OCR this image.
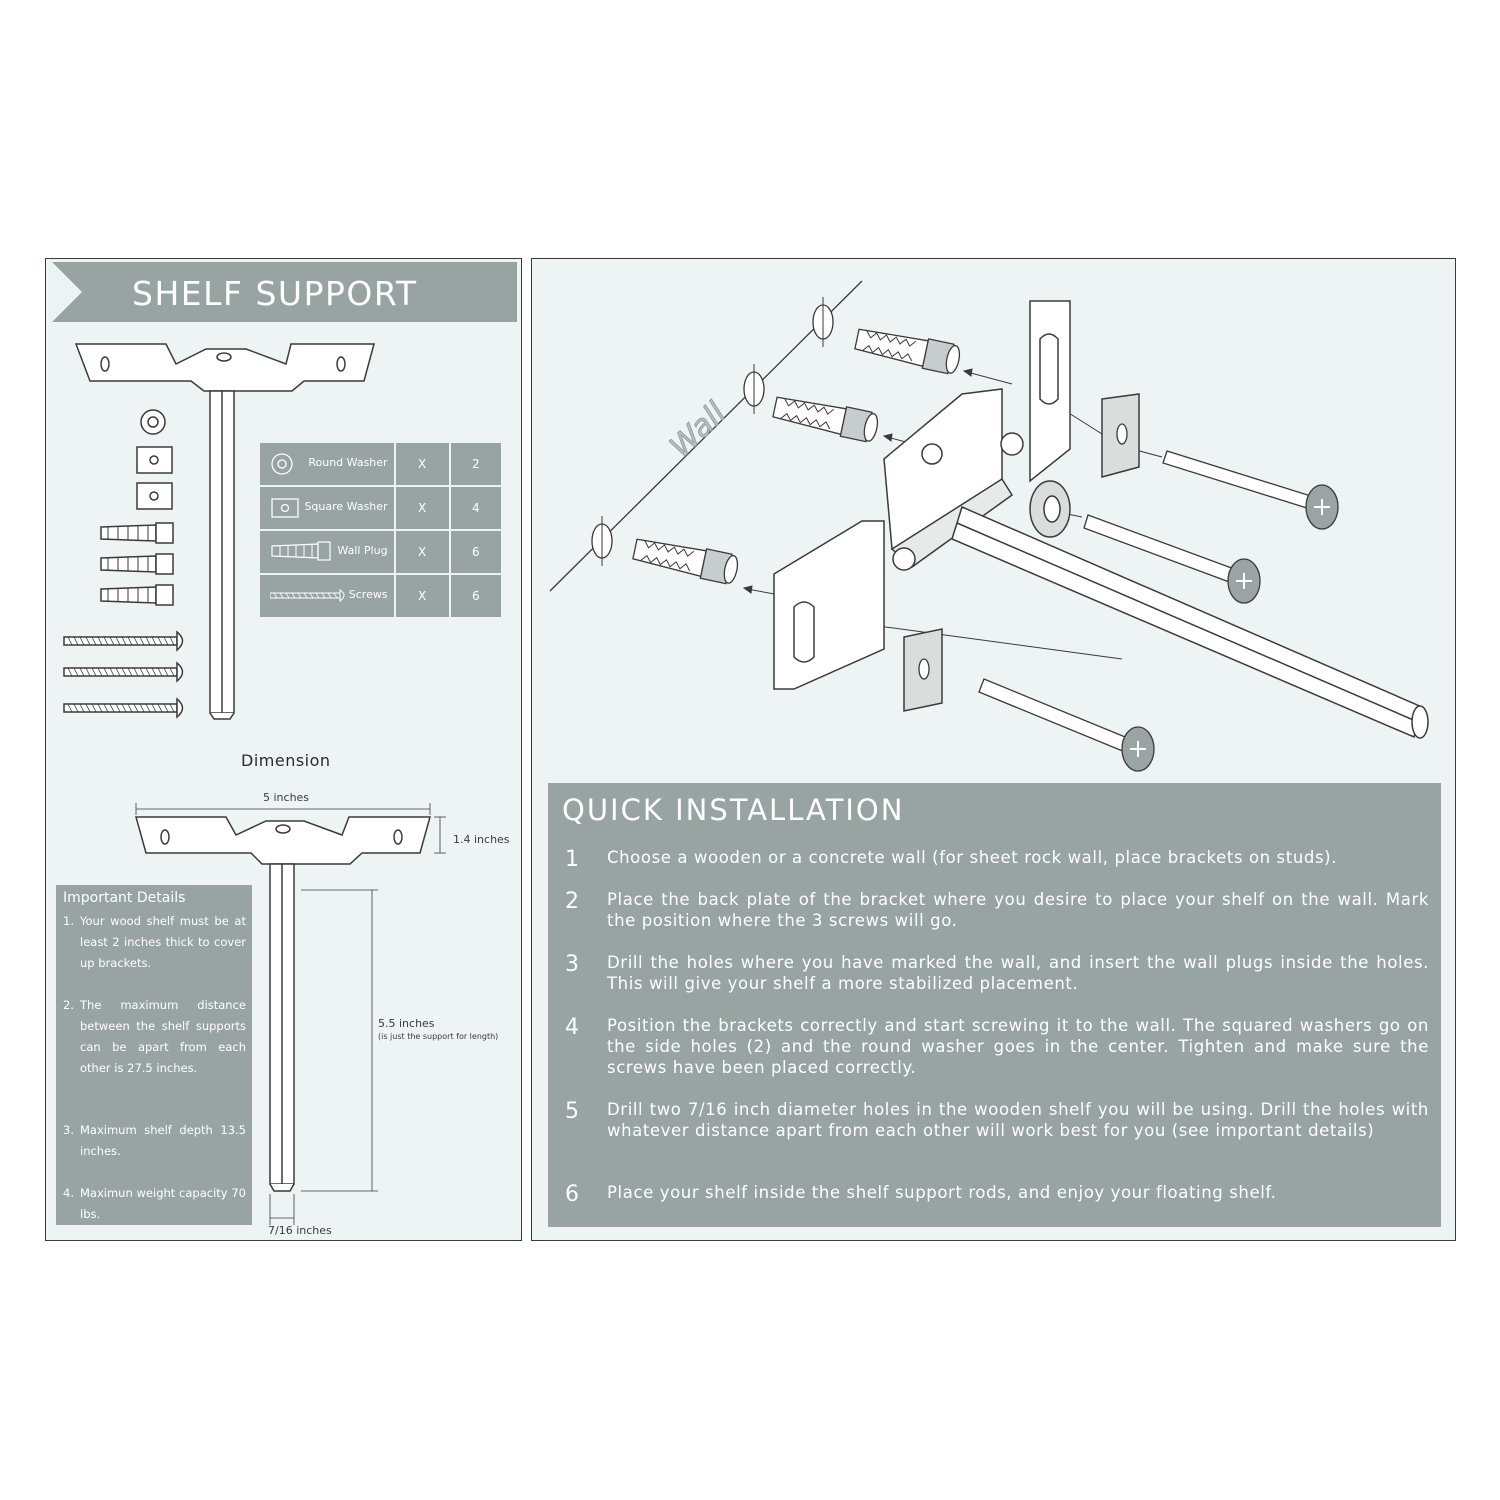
SHELF SUPPORT
Round Washer	X	2

Square Washer	X	4

Wall Plug	X	6

Screws	X	6
Dimension
5 inches
1.4 inches
5.5 inches
(is just the support for length)
7/16 inches
Important Details
1. Your wood shelf must be at least 2 inches thick to cover up brackets.
2. The maximum distance between the shelf supports can be apart from each other is 27.5 inches.
3. Maximum shelf depth 13.5 inches.
4. Maximun weight capacity 70 lbs.
Wall
QUICK INSTALLATION
1 Choose a wooden or a concrete wall (for sheet rock wall, place brackets on studs).
2 Place the back plate of the bracket where you desire to place your shelf on the wall. Mark the position where the 3 screws will go.
3 Drill the holes where you have marked the wall, and insert the wall plugs inside the holes. This will give your shelf a more stabilized placement.
4 Position the brackets correctly and start screwing it to the wall. The squared washers go on the side holes (2) and the round washer goes in the center. Tighten and make sure the screws have been placed correctly.
5 Drill two 7/16 inch diameter holes in the wooden shelf you will be using. Drill the holes with whatever distance apart from each other will work best for you (see important details)
6 Place your shelf inside the shelf support rods, and enjoy your floating shelf.
